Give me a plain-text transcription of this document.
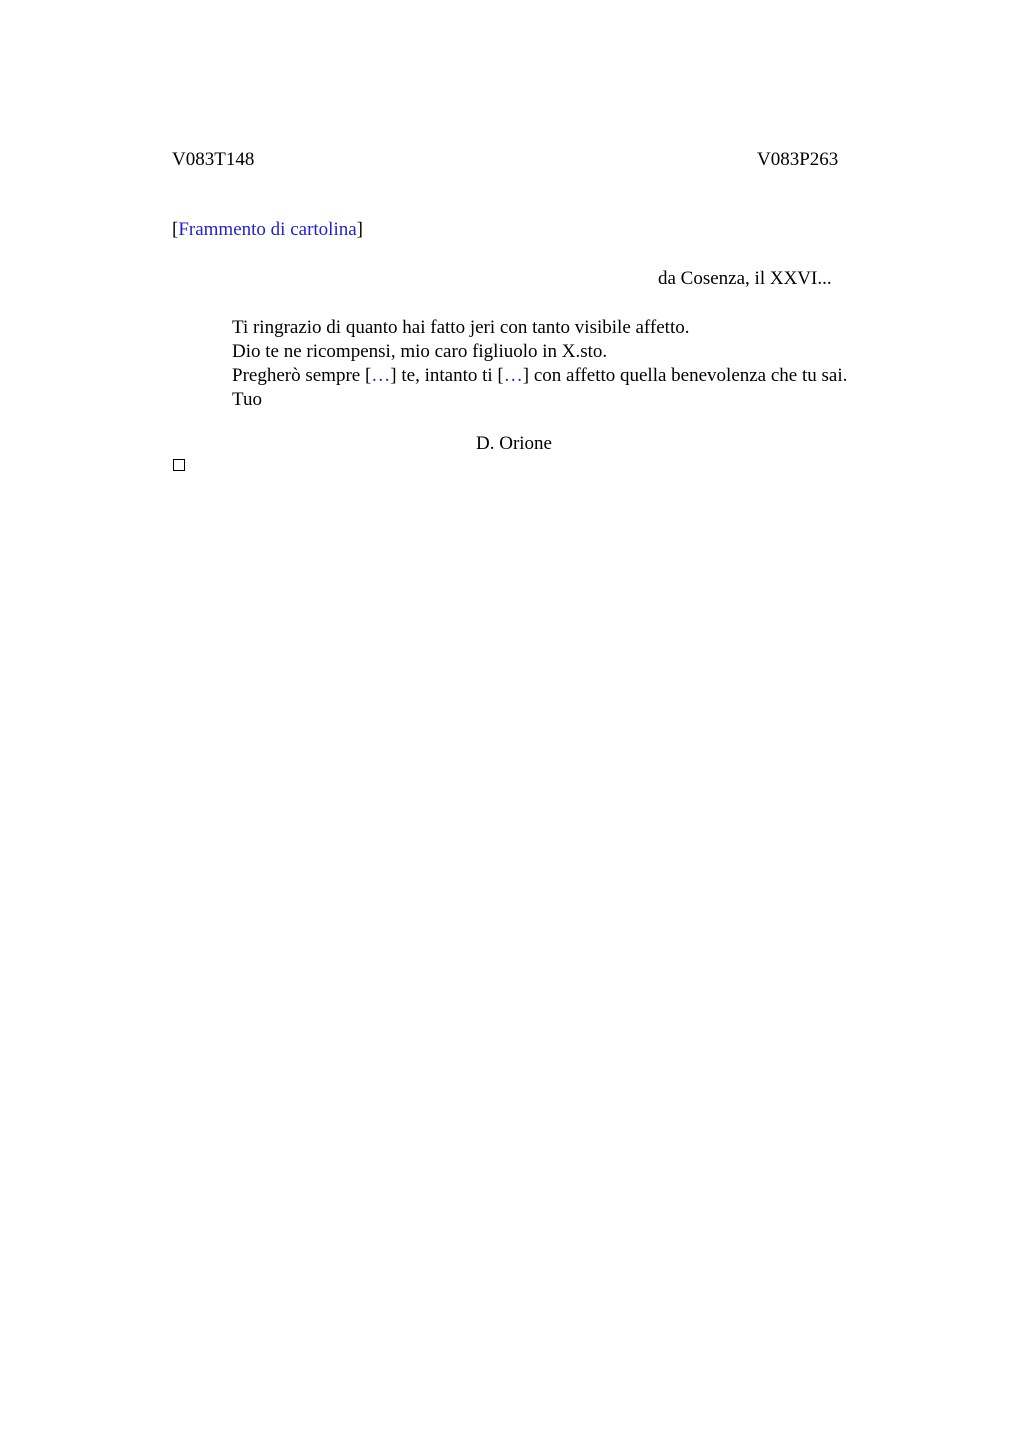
V083T148	V083P263
[Frammento di cartolina]
da Cosenza, il XXVI...
Ti ringrazio di quanto hai fatto jeri con tanto visibile affetto.
Dio te ne ricompensi, mio caro figliuolo in X.sto.
Pregherò sempre […] te, intanto ti […] con affetto quella benevolenza che tu sai.
Tuo
D. Orione
